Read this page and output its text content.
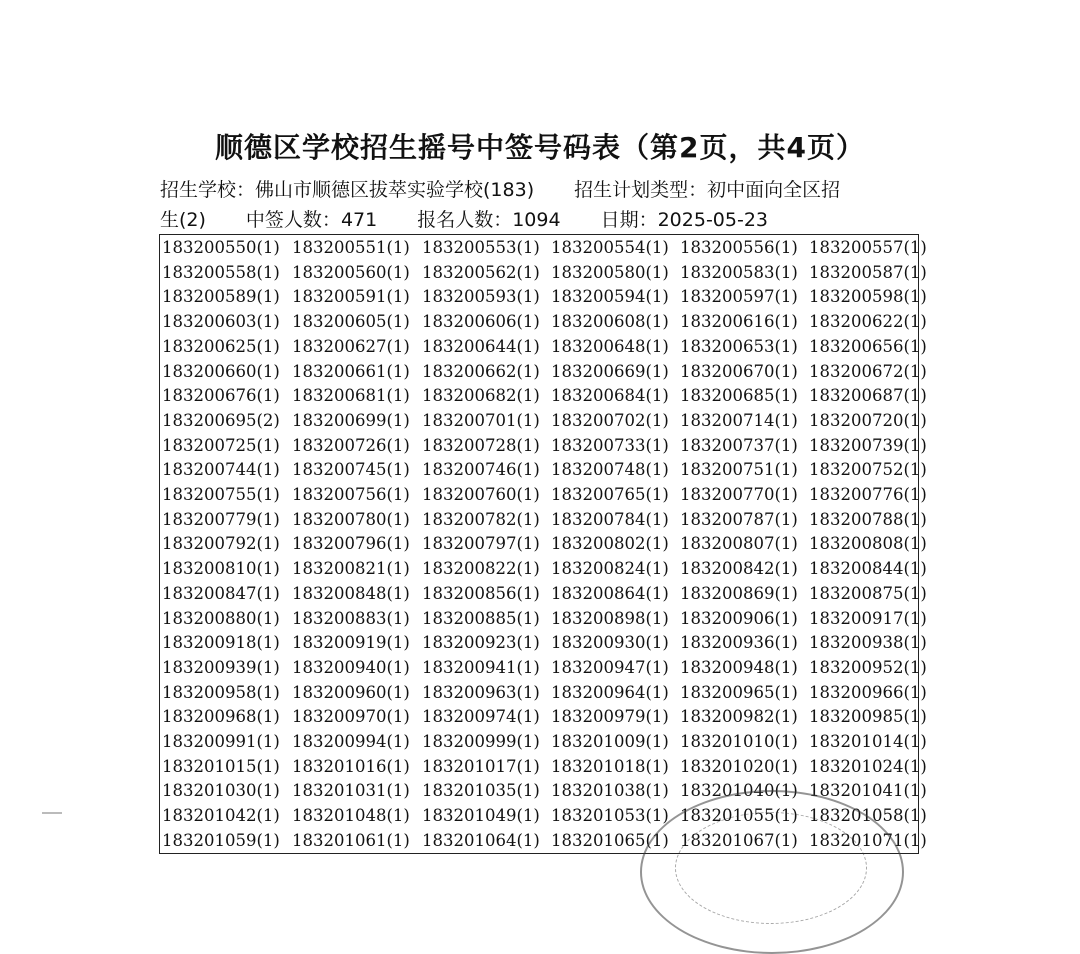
顺德区学校招生摇号中签号码表（第2页，共4页）
招生学校：佛山市顺德区拔萃实验学校(183) 招生计划类型：初中面向全区招
生(2) 中签人数：471 报名人数：1094 日期：2025-05-23
183200550(1) 183200551(1) 183200553(1) 183200554(1) 183200556(1) 183200557(1)
183200558(1) 183200560(1) 183200562(1) 183200580(1) 183200583(1) 183200587(1)
183200589(1) 183200591(1) 183200593(1) 183200594(1) 183200597(1) 183200598(1)
183200603(1) 183200605(1) 183200606(1) 183200608(1) 183200616(1) 183200622(1)
183200625(1) 183200627(1) 183200644(1) 183200648(1) 183200653(1) 183200656(1)
183200660(1) 183200661(1) 183200662(1) 183200669(1) 183200670(1) 183200672(1)
183200676(1) 183200681(1) 183200682(1) 183200684(1) 183200685(1) 183200687(1)
183200695(2) 183200699(1) 183200701(1) 183200702(1) 183200714(1) 183200720(1)
183200725(1) 183200726(1) 183200728(1) 183200733(1) 183200737(1) 183200739(1)
183200744(1) 183200745(1) 183200746(1) 183200748(1) 183200751(1) 183200752(1)
183200755(1) 183200756(1) 183200760(1) 183200765(1) 183200770(1) 183200776(1)
183200779(1) 183200780(1) 183200782(1) 183200784(1) 183200787(1) 183200788(1)
183200792(1) 183200796(1) 183200797(1) 183200802(1) 183200807(1) 183200808(1)
183200810(1) 183200821(1) 183200822(1) 183200824(1) 183200842(1) 183200844(1)
183200847(1) 183200848(1) 183200856(1) 183200864(1) 183200869(1) 183200875(1)
183200880(1) 183200883(1) 183200885(1) 183200898(1) 183200906(1) 183200917(1)
183200918(1) 183200919(1) 183200923(1) 183200930(1) 183200936(1) 183200938(1)
183200939(1) 183200940(1) 183200941(1) 183200947(1) 183200948(1) 183200952(1)
183200958(1) 183200960(1) 183200963(1) 183200964(1) 183200965(1) 183200966(1)
183200968(1) 183200970(1) 183200974(1) 183200979(1) 183200982(1) 183200985(1)
183200991(1) 183200994(1) 183200999(1) 183201009(1) 183201010(1) 183201014(1)
183201015(1) 183201016(1) 183201017(1) 183201018(1) 183201020(1) 183201024(1)
183201030(1) 183201031(1) 183201035(1) 183201038(1) 183201040(1) 183201041(1)
183201042(1) 183201048(1) 183201049(1) 183201053(1) 183201055(1) 183201058(1)
183201059(1) 183201061(1) 183201064(1) 183201065(1) 183201067(1) 183201071(1)
